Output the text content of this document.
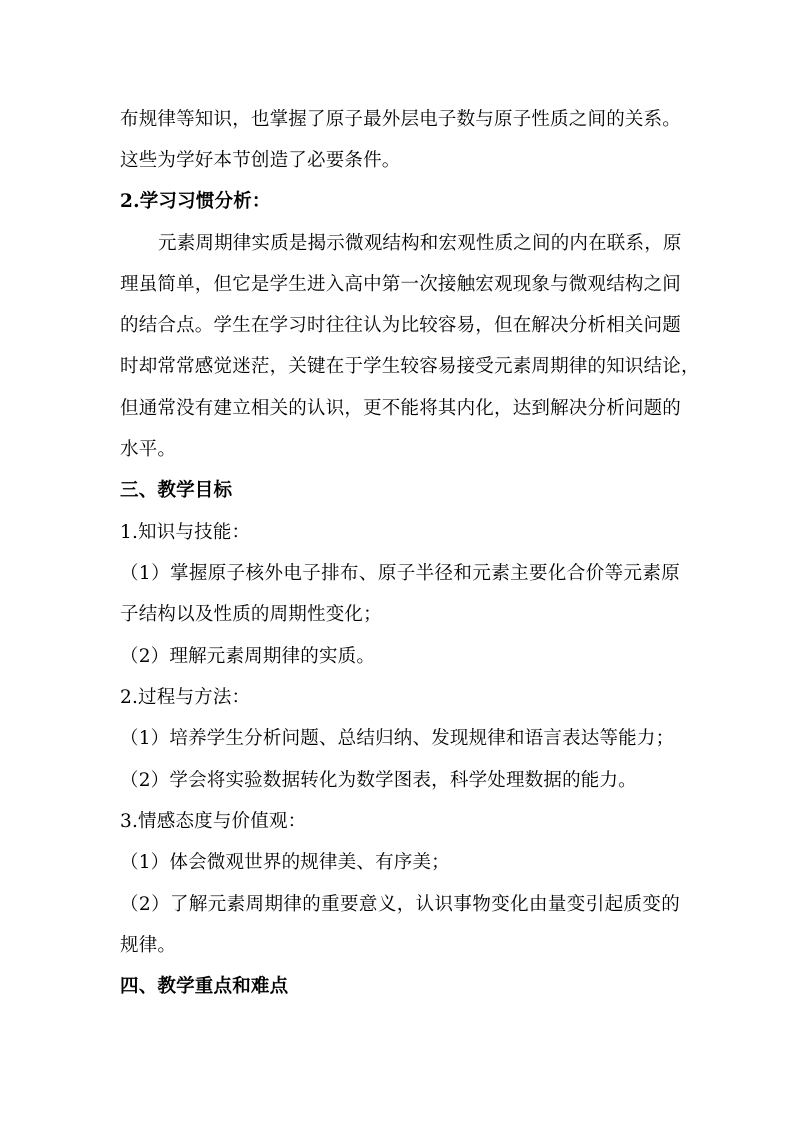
布规律等知识，也掌握了原子最外层电子数与原子性质之间的关系。
这些为学好本节创造了必要条件。
2.学习习惯分析：
元素周期律实质是揭示微观结构和宏观性质之间的内在联系，原
理虽简单，但它是学生进入高中第一次接触宏观现象与微观结构之间
的结合点。学生在学习时往往认为比较容易，但在解决分析相关问题
时却常常感觉迷茫，关键在于学生较容易接受元素周期律的知识结论，
但通常没有建立相关的认识，更不能将其内化，达到解决分析问题的
水平。
三、教学目标
1.知识与技能：
（1）掌握原子核外电子排布、原子半径和元素主要化合价等元素原
子结构以及性质的周期性变化；
（2）理解元素周期律的实质。
2.过程与方法：
（1）培养学生分析问题、总结归纳、发现规律和语言表达等能力；
（2）学会将实验数据转化为数学图表，科学处理数据的能力。
3.情感态度与价值观：
（1）体会微观世界的规律美、有序美；
（2）了解元素周期律的重要意义，认识事物变化由量变引起质变的
规律。
四、教学重点和难点
